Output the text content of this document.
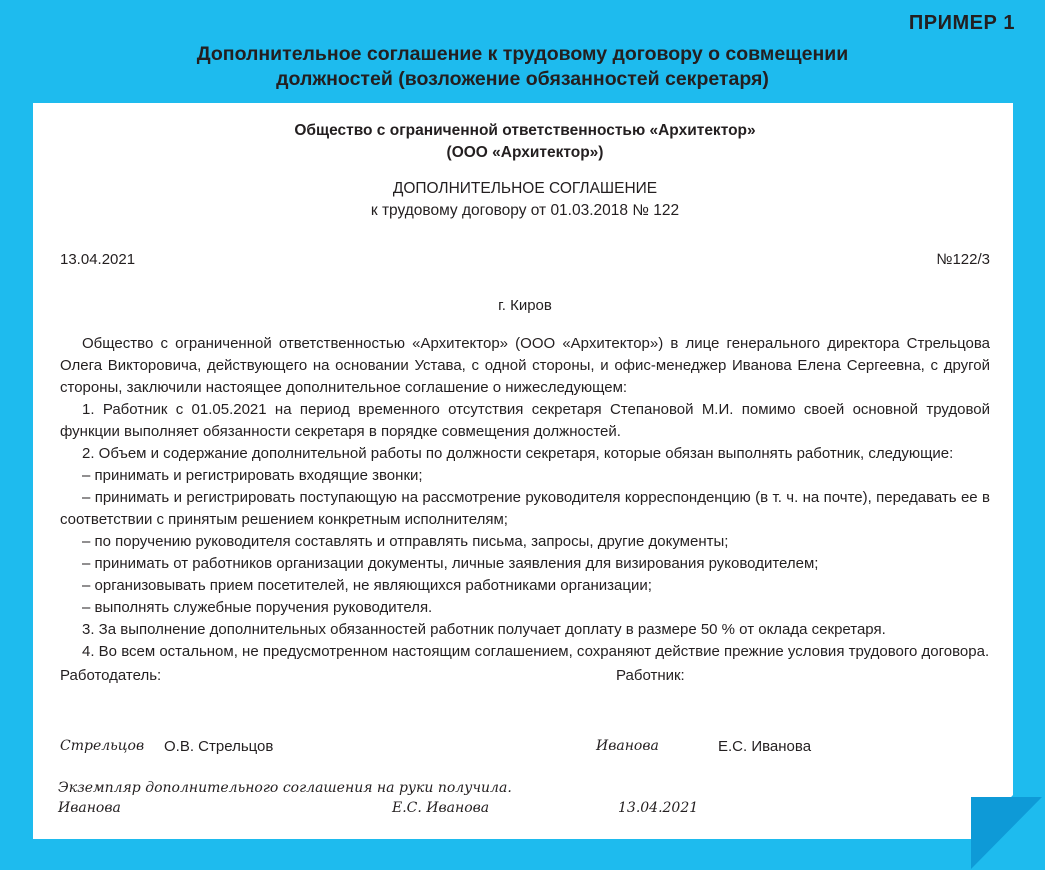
ПРИМЕР 1
Дополнительное соглашение к трудовому договору о совмещении
должностей (возложение обязанностей секретаря)
Общество с ограниченной ответственностью «Архитектор»
(ООО «Архитектор»)
ДОПОЛНИТЕЛЬНОЕ СОГЛАШЕНИЕ
к трудовому договору от 01.03.2018 № 122
13.04.2021	№122/3
г. Киров

Общество с ограниченной ответственностью «Архитектор» (ООО «Архитектор») в лице генерального директора Стрельцова Олега Викторовича, действующего на основании Устава, с одной стороны, и офис-менеджер Иванова Елена Сергеевна, с другой стороны, заключили настоящее дополнительное соглашение о нижеследующем:

1. Работник с 01.05.2021 на период временного отсутствия секретаря Степановой М.И. помимо своей основной трудовой функции выполняет обязанности секретаря в порядке совмещения должностей.

2. Объем и содержание дополнительной работы по должности секретаря, которые обязан выполнять работник, следующие:

– принимать и регистрировать входящие звонки;

– принимать и регистрировать поступающую на рассмотрение руководителя корреспонденцию (в т. ч. на почте), передавать ее в соответствии с принятым решением конкретным исполнителям;

– по поручению руководителя составлять и отправлять письма, запросы, другие документы;

– принимать от работников организации документы, личные заявления для визирования руководителем;

– организовывать прием посетителей, не являющихся работниками организации;

– выполнять служебные поручения руководителя.

3. За выполнение дополнительных обязанностей работник получает доплату в размере 50 % от оклада секретаря.

4. Во всем остальном, не предусмотренном настоящим соглашением, сохраняют действие прежние условия трудового договора.

Работодатель:	Работник:
Стрельцов О.В. Стрельцов	Иванова	Е.С. Иванова
Экземпляр дополнительного соглашения на руки получила.
Иванова	Е.С. Иванова	13.04.2021
